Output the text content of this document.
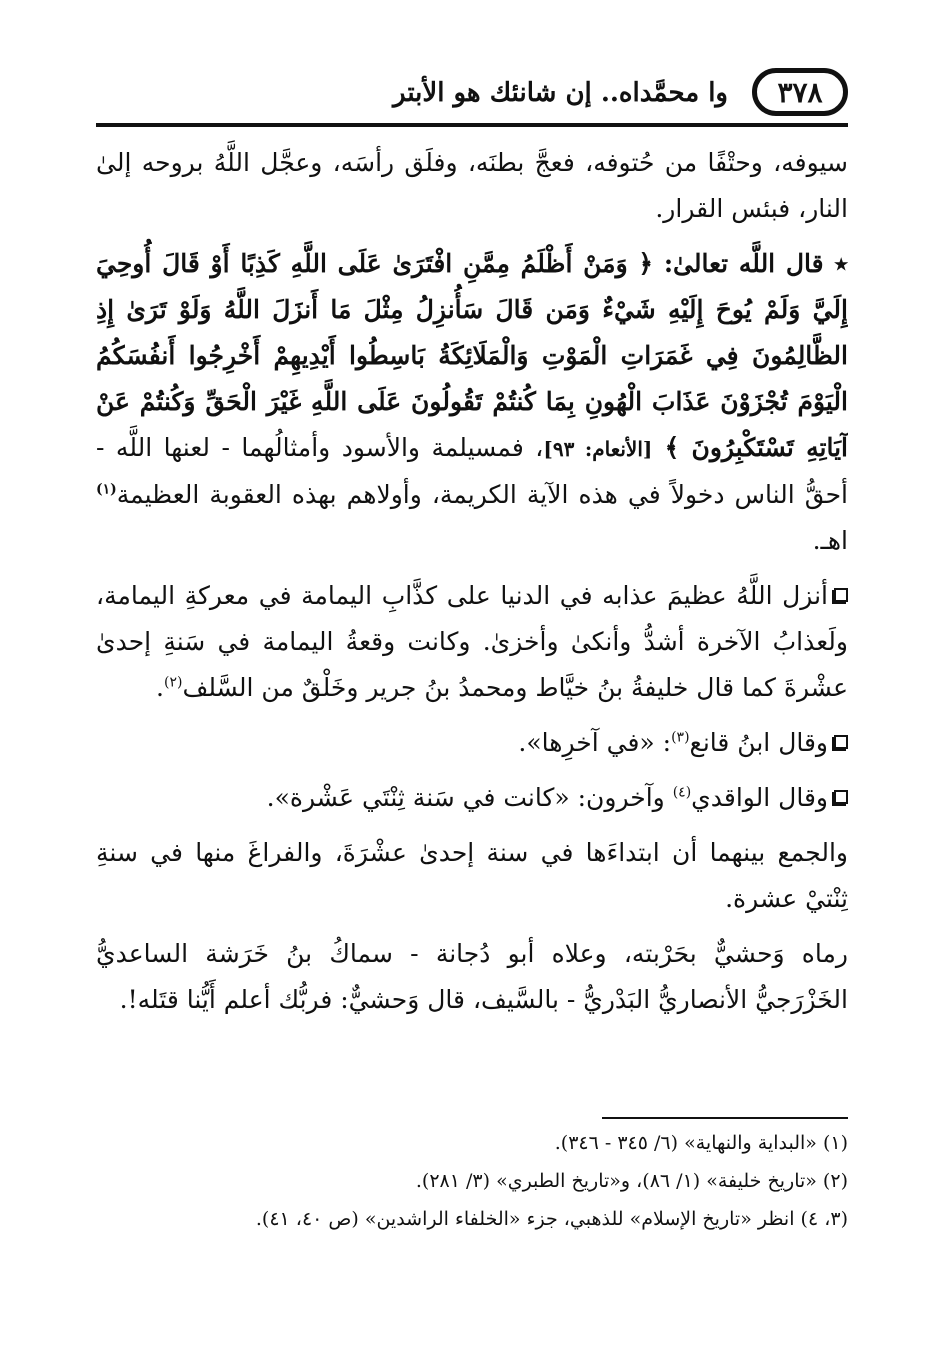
٣٧٨
وا محمَّداه.. إن شانئك هو الأبتر

سيوفه، وحتْفًا من حُتوفه، فعجَّ بطنَه، وفلَق رأسَه، وعجَّل اللَّهُ بروحه إلىٰ النار، فبئس القرار.

٭ قال اللَّه تعالىٰ: ﴿ وَمَنْ أَظْلَمُ مِمَّنِ افْتَرَىٰ عَلَى اللَّهِ كَذِبًا أَوْ قَالَ أُوحِيَ إِلَيَّ وَلَمْ يُوحَ إِلَيْهِ شَيْءٌ وَمَن قَالَ سَأُنزِلُ مِثْلَ مَا أَنزَلَ اللَّهُ وَلَوْ تَرَىٰ إِذِ الظَّالِمُونَ فِي غَمَرَاتِ الْمَوْتِ وَالْمَلَائِكَةُ بَاسِطُوا أَيْدِيهِمْ أَخْرِجُوا أَنفُسَكُمُ الْيَوْمَ تُجْزَوْنَ عَذَابَ الْهُونِ بِمَا كُنتُمْ تَقُولُونَ عَلَى اللَّهِ غَيْرَ الْحَقِّ وَكُنتُمْ عَنْ آيَاتِهِ تَسْتَكْبِرُونَ ﴾ [الأنعام: ٩٣]، فمسيلمة والأسود وأمثالُهما - لعنها اللَّه - أحقُّ الناس دخولاً في هذه الآية الكريمة، وأولاهم بهذه العقوبة العظيمة$^{(١)}$ اهـ.

أنزل اللَّهُ عظيمَ عذابه في الدنيا على كذَّابِ اليمامة في معركةِ اليمامة، ولَعذابُ الآخرة أشدُّ وأنكىٰ وأخزىٰ. وكانت وقعةُ اليمامة في سَنةِ إحدىٰ عشْرةَ كما قال خليفةُ بنُ خيَّاط ومحمدُ بنُ جرير وخَلْقٌ من السَّلف$^{(٢)}$.

وقال ابنُ قانع$^{(٣)}$: «في آخرِها».

وقال الواقدي$^{(٤)}$ وآخرون: «كانت في سَنة ثِنْتَي عَشْرة».

والجمع بينهما أن ابتداءَها في سنة إحدىٰ عشْرَةَ، والفراغَ منها في سنةِ ثِنْتيْ عشرة.

رماه وَحشيٌّ بحَرْبته، وعلاه أبو دُجانة - سماكُ بنُ خَرَشة الساعديُّ الخَزْرَجيُّ الأنصاريُّ البَدْريُّ - بالسَّيف، قال وَحشيٌّ: فربُّك أعلم أَيُّنا قتَله!.

(١) «البداية والنهاية» (٦/ ٣٤٥ - ٣٤٦).

(٢) «تاريخ خليفة» (١/ ٨٦)، و«تاريخ الطبري» (٣/ ٢٨١).

(٣، ٤) انظر «تاريخ الإسلام» للذهبي، جزء «الخلفاء الراشدين» (ص ٤٠، ٤١).
